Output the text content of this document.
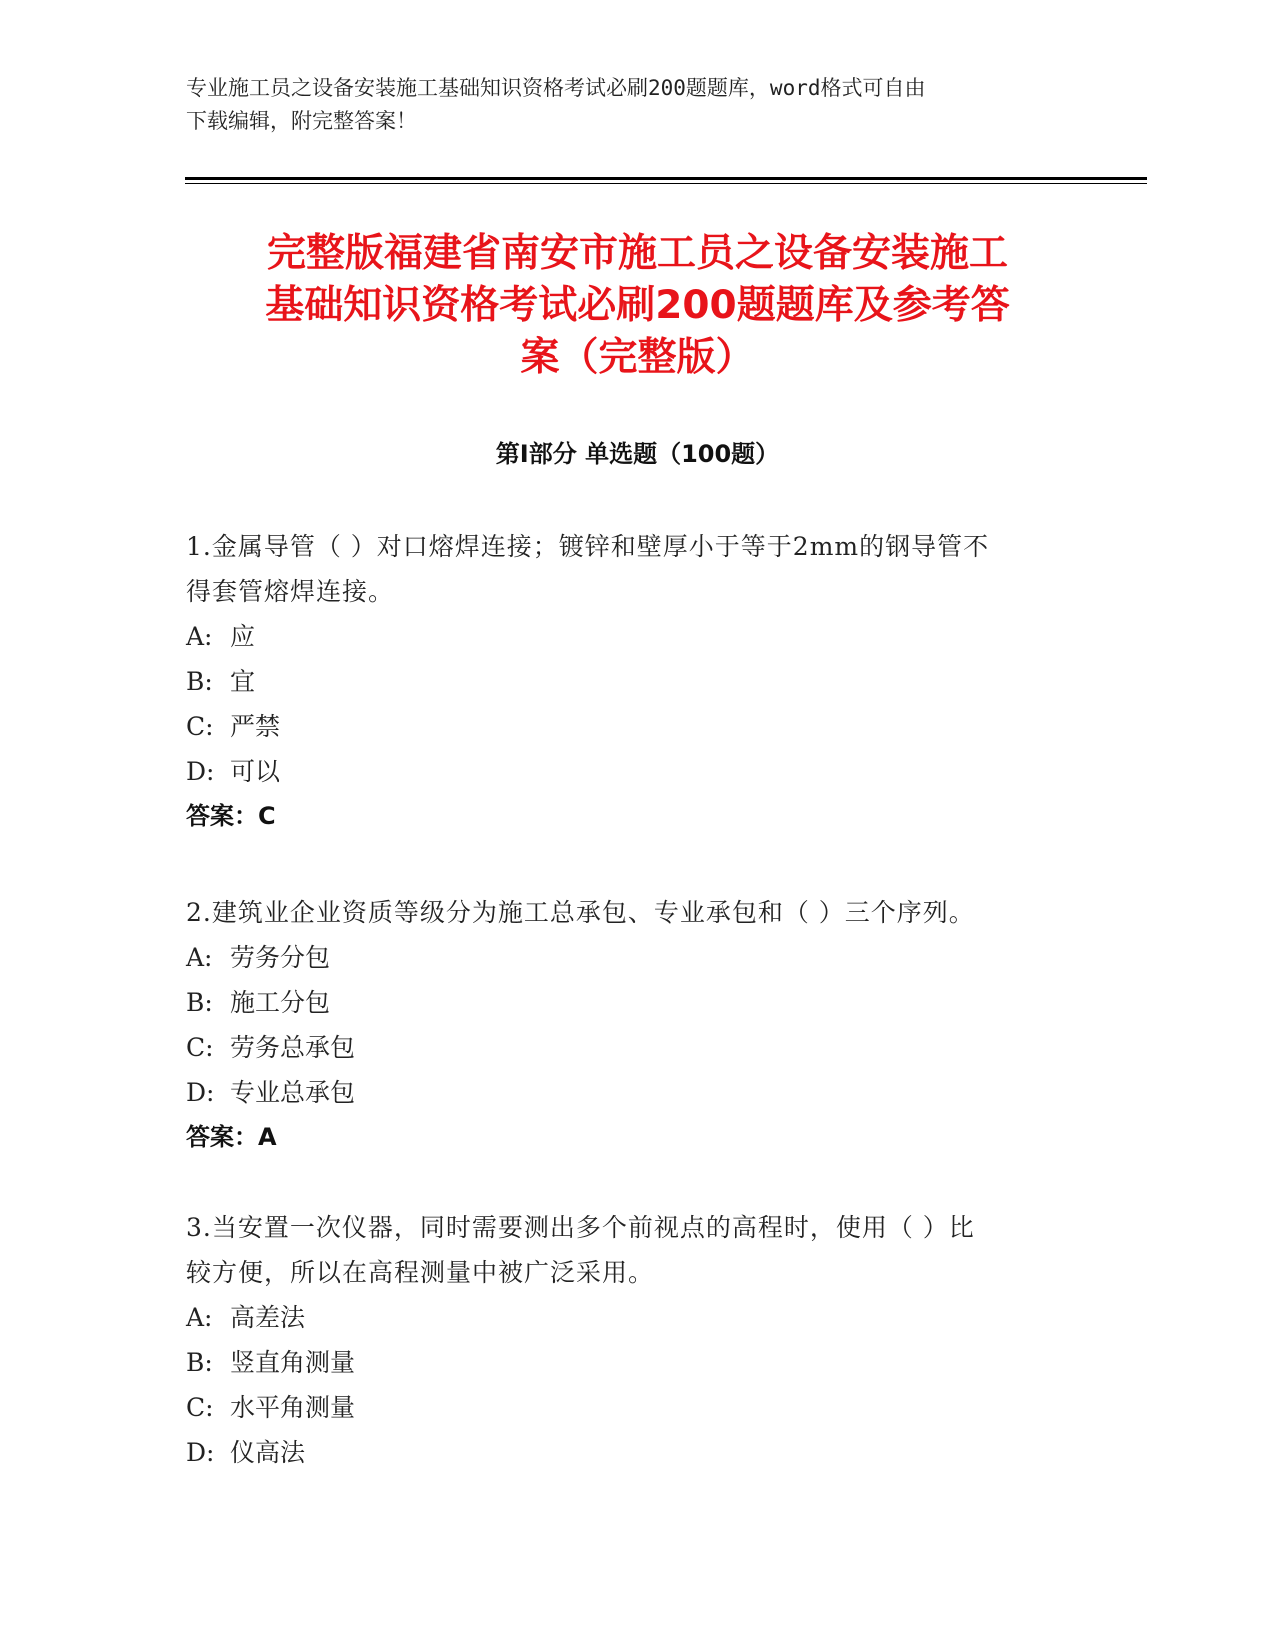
专业施工员之设备安装施工基础知识资格考试必刷200题题库，word格式可自由
下载编辑，附完整答案！
完整版福建省南安市施工员之设备安装施工
基础知识资格考试必刷200题题库及参考答
案（完整版）
第Ⅰ部分 单选题（100题）
1.金属导管（ ）对口熔焊连接；镀锌和壁厚小于等于2mm的钢导管不
得套管熔焊连接。
A: 应
B: 宜
C: 严禁
D: 可以
答案：C
2.建筑业企业资质等级分为施工总承包、专业承包和（ ）三个序列。
A: 劳务分包
B: 施工分包
C: 劳务总承包
D: 专业总承包
答案：A
3.当安置一次仪器，同时需要测出多个前视点的高程时，使用（ ）比
较方便，所以在高程测量中被广泛采用。
A: 高差法
B: 竖直角测量
C: 水平角测量
D: 仪高法
